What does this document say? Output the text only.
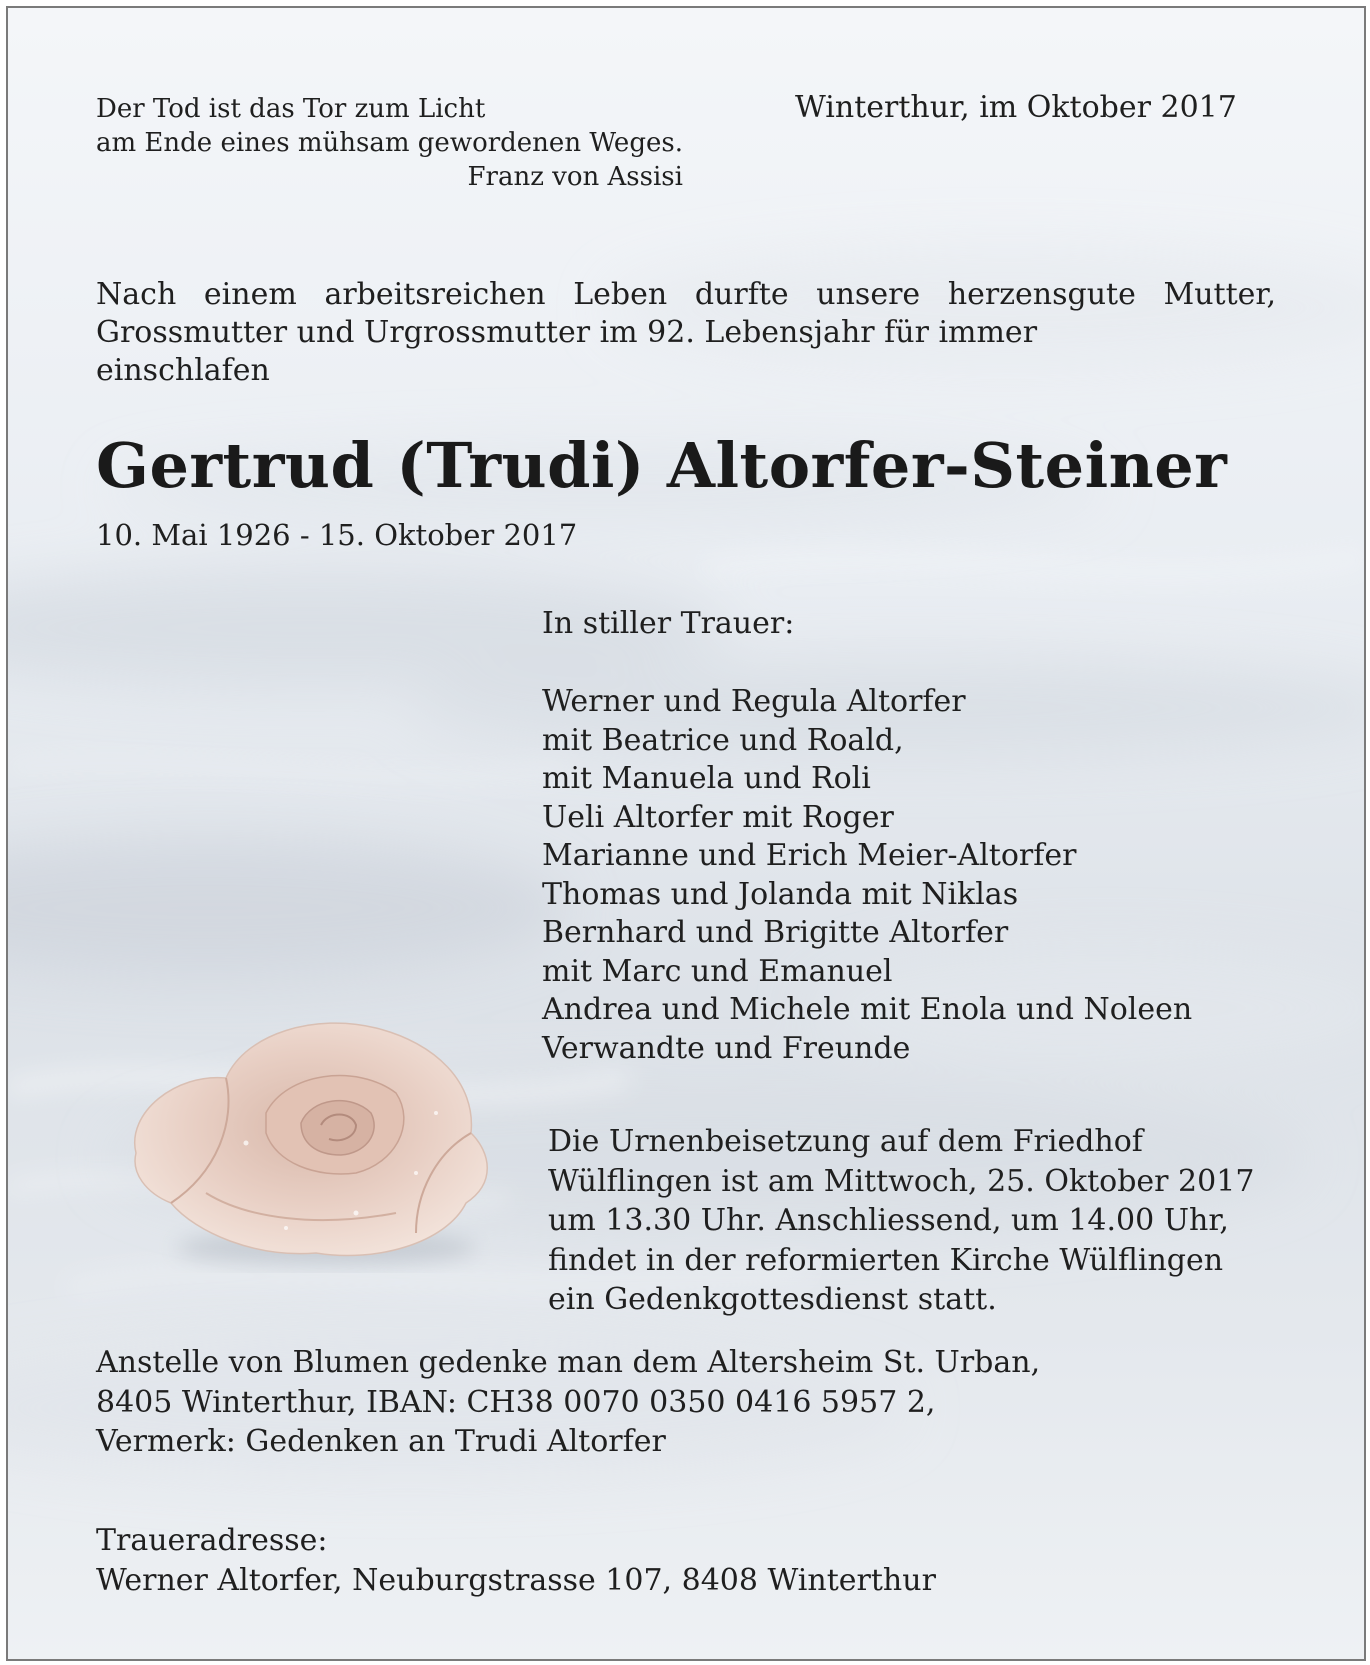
Der Tod ist das Tor zum Licht
am Ende eines mühsam gewordenen Weges.
Franz von Assisi
Winterthur, im Oktober 2017
Nach einem arbeitsreichen Leben durfte unsere herzensgute Mutter,
Grossmutter und Urgrossmutter im 92. Lebensjahr für immer
einschlafen
Gertrud (Trudi) Altorfer-Steiner
10. Mai 1926 - 15. Oktober 2017
In stiller Trauer:
Werner und Regula Altorfer
mit Beatrice und Roald,
mit Manuela und Roli
Ueli Altorfer mit Roger
Marianne und Erich Meier-Altorfer
Thomas und Jolanda mit Niklas
Bernhard und Brigitte Altorfer
mit Marc und Emanuel
Andrea und Michele mit Enola und Noleen
Verwandte und Freunde
Die Urnenbeisetzung auf dem Friedhof
Wülflingen ist am Mittwoch, 25. Oktober 2017
um 13.30 Uhr. Anschliessend, um 14.00 Uhr,
findet in der reformierten Kirche Wülflingen
ein Gedenkgottesdienst statt.
Anstelle von Blumen gedenke man dem Altersheim St. Urban,
8405 Winterthur, IBAN: CH38 0070 0350 0416 5957 2,
Vermerk: Gedenken an Trudi Altorfer
Traueradresse:
Werner Altorfer, Neuburgstrasse 107, 8408 Winterthur
